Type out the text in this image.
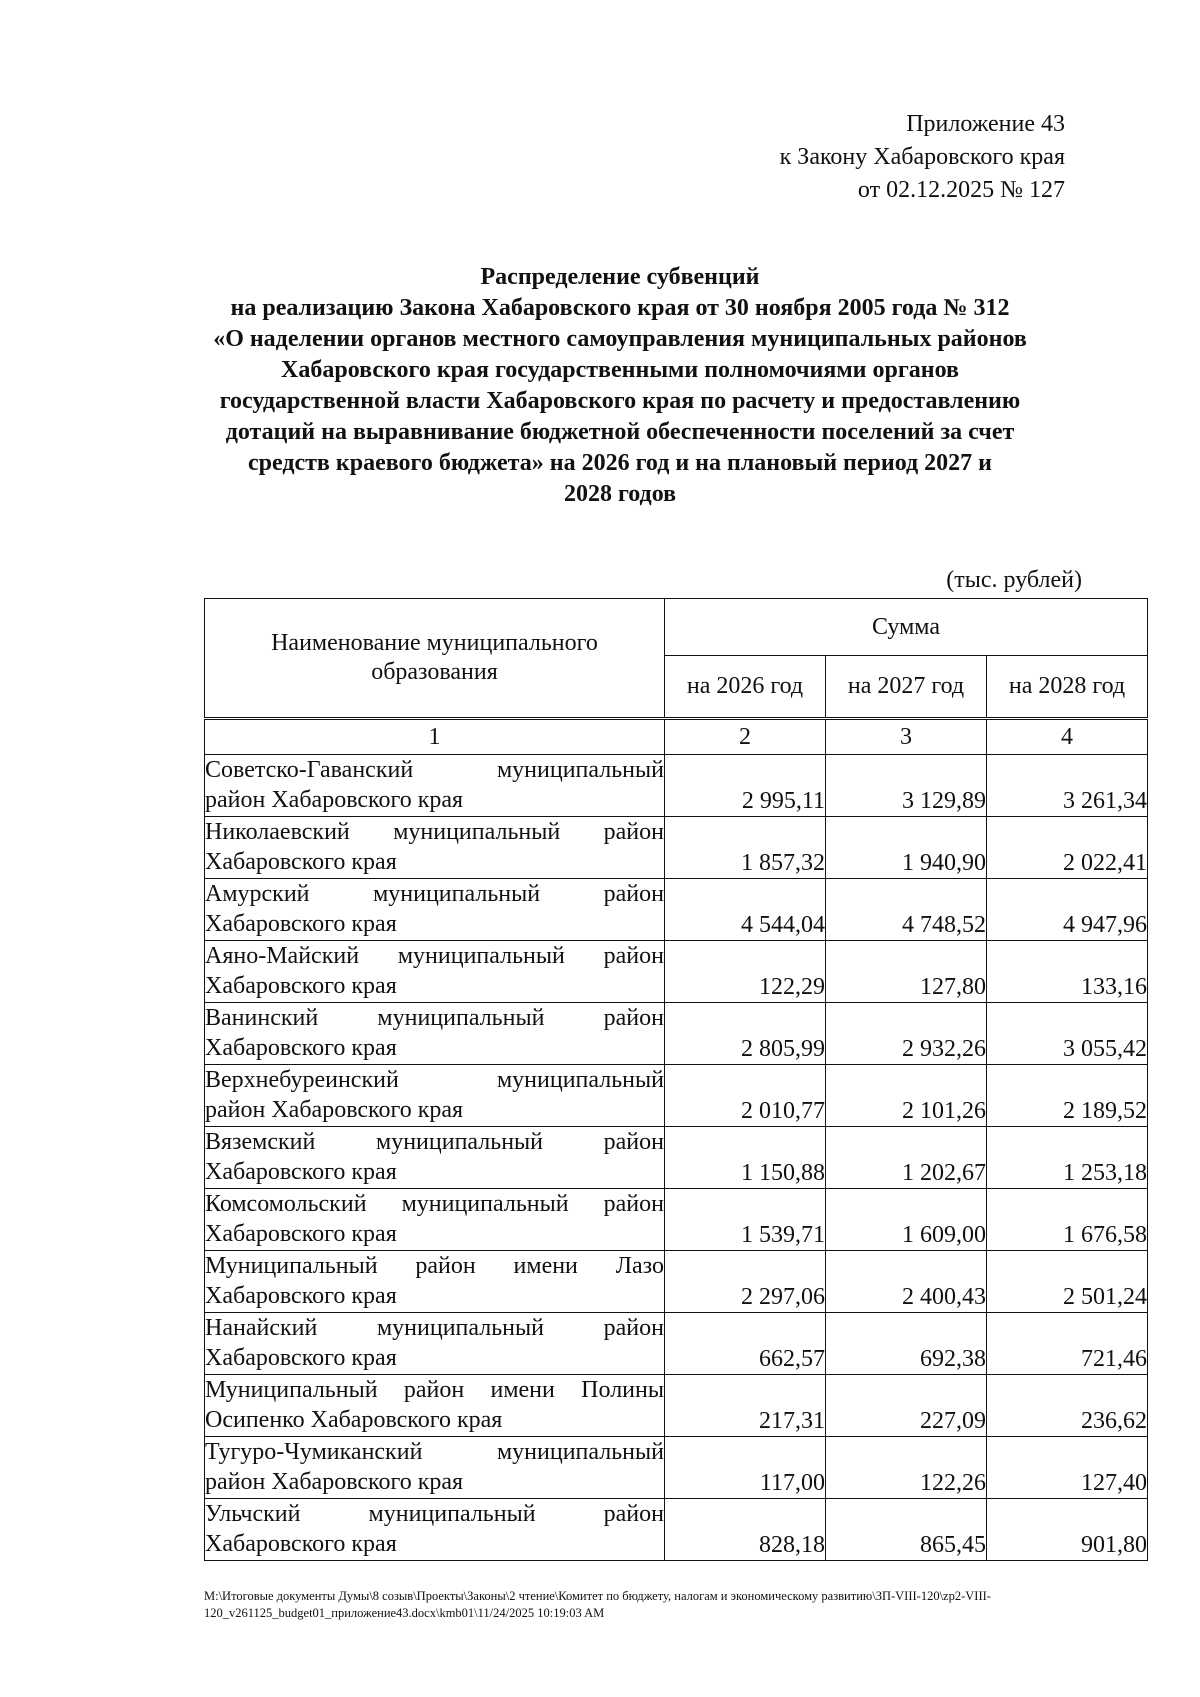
Приложение 43
к Закону Хабаровского края
от 02.12.2025 № 127
Распределение субвенций
на реализацию Закона Хабаровского края от 30 ноября 2005 года № 312
«О наделении органов местного самоуправления муниципальных районов
Хабаровского края государственными полномочиями органов
государственной власти Хабаровского края по расчету и предоставлению
дотаций на выравнивание бюджетной обеспеченности поселений за счет
средств краевого бюджета» на 2026 год и на плановый период 2027 и
2028 годов
(тыс. рублей)
Наименование муниципального образования	Сумма		
	на 2026 год	на 2027 год	на 2028 год
1	2	3	4

Советско-Гаванский муниципальный
район Хабаровского края	2 995,11	3 129,89	3 261,34

Николаевский муниципальный район
Хабаровского края	1 857,32	1 940,90	2 022,41

Амурский муниципальный район
Хабаровского края	4 544,04	4 748,52	4 947,96

Аяно-Майский муниципальный район
Хабаровского края	122,29	127,80	133,16

Ванинский муниципальный район
Хабаровского края	2 805,99	2 932,26	3 055,42

Верхнебуреинский муниципальный
район Хабаровского края	2 010,77	2 101,26	2 189,52

Вяземский муниципальный район
Хабаровского края	1 150,88	1 202,67	1 253,18

Комсомольский муниципальный район
Хабаровского края	1 539,71	1 609,00	1 676,58

Муниципальный район имени Лазо
Хабаровского края	2 297,06	2 400,43	2 501,24

Нанайский муниципальный район
Хабаровского края	662,57	692,38	721,46

Муниципальный район имени Полины
Осипенко Хабаровского края	217,31	227,09	236,62

Тугуро-Чумиканский муниципальный
район Хабаровского края	117,00	122,26	127,40

Ульчский муниципальный район
Хабаровского края	828,18	865,45	901,80
М:\Итоговые документы Думы\8 созыв\Проекты\Законы\2 чтение\Комитет по бюджету, налогам и экономическому развитию\ЗП-VIII-120\zp2-VIII-
120_v261125_budget01_приложение43.docx\kmb01\11/24/2025 10:19:03 AM
